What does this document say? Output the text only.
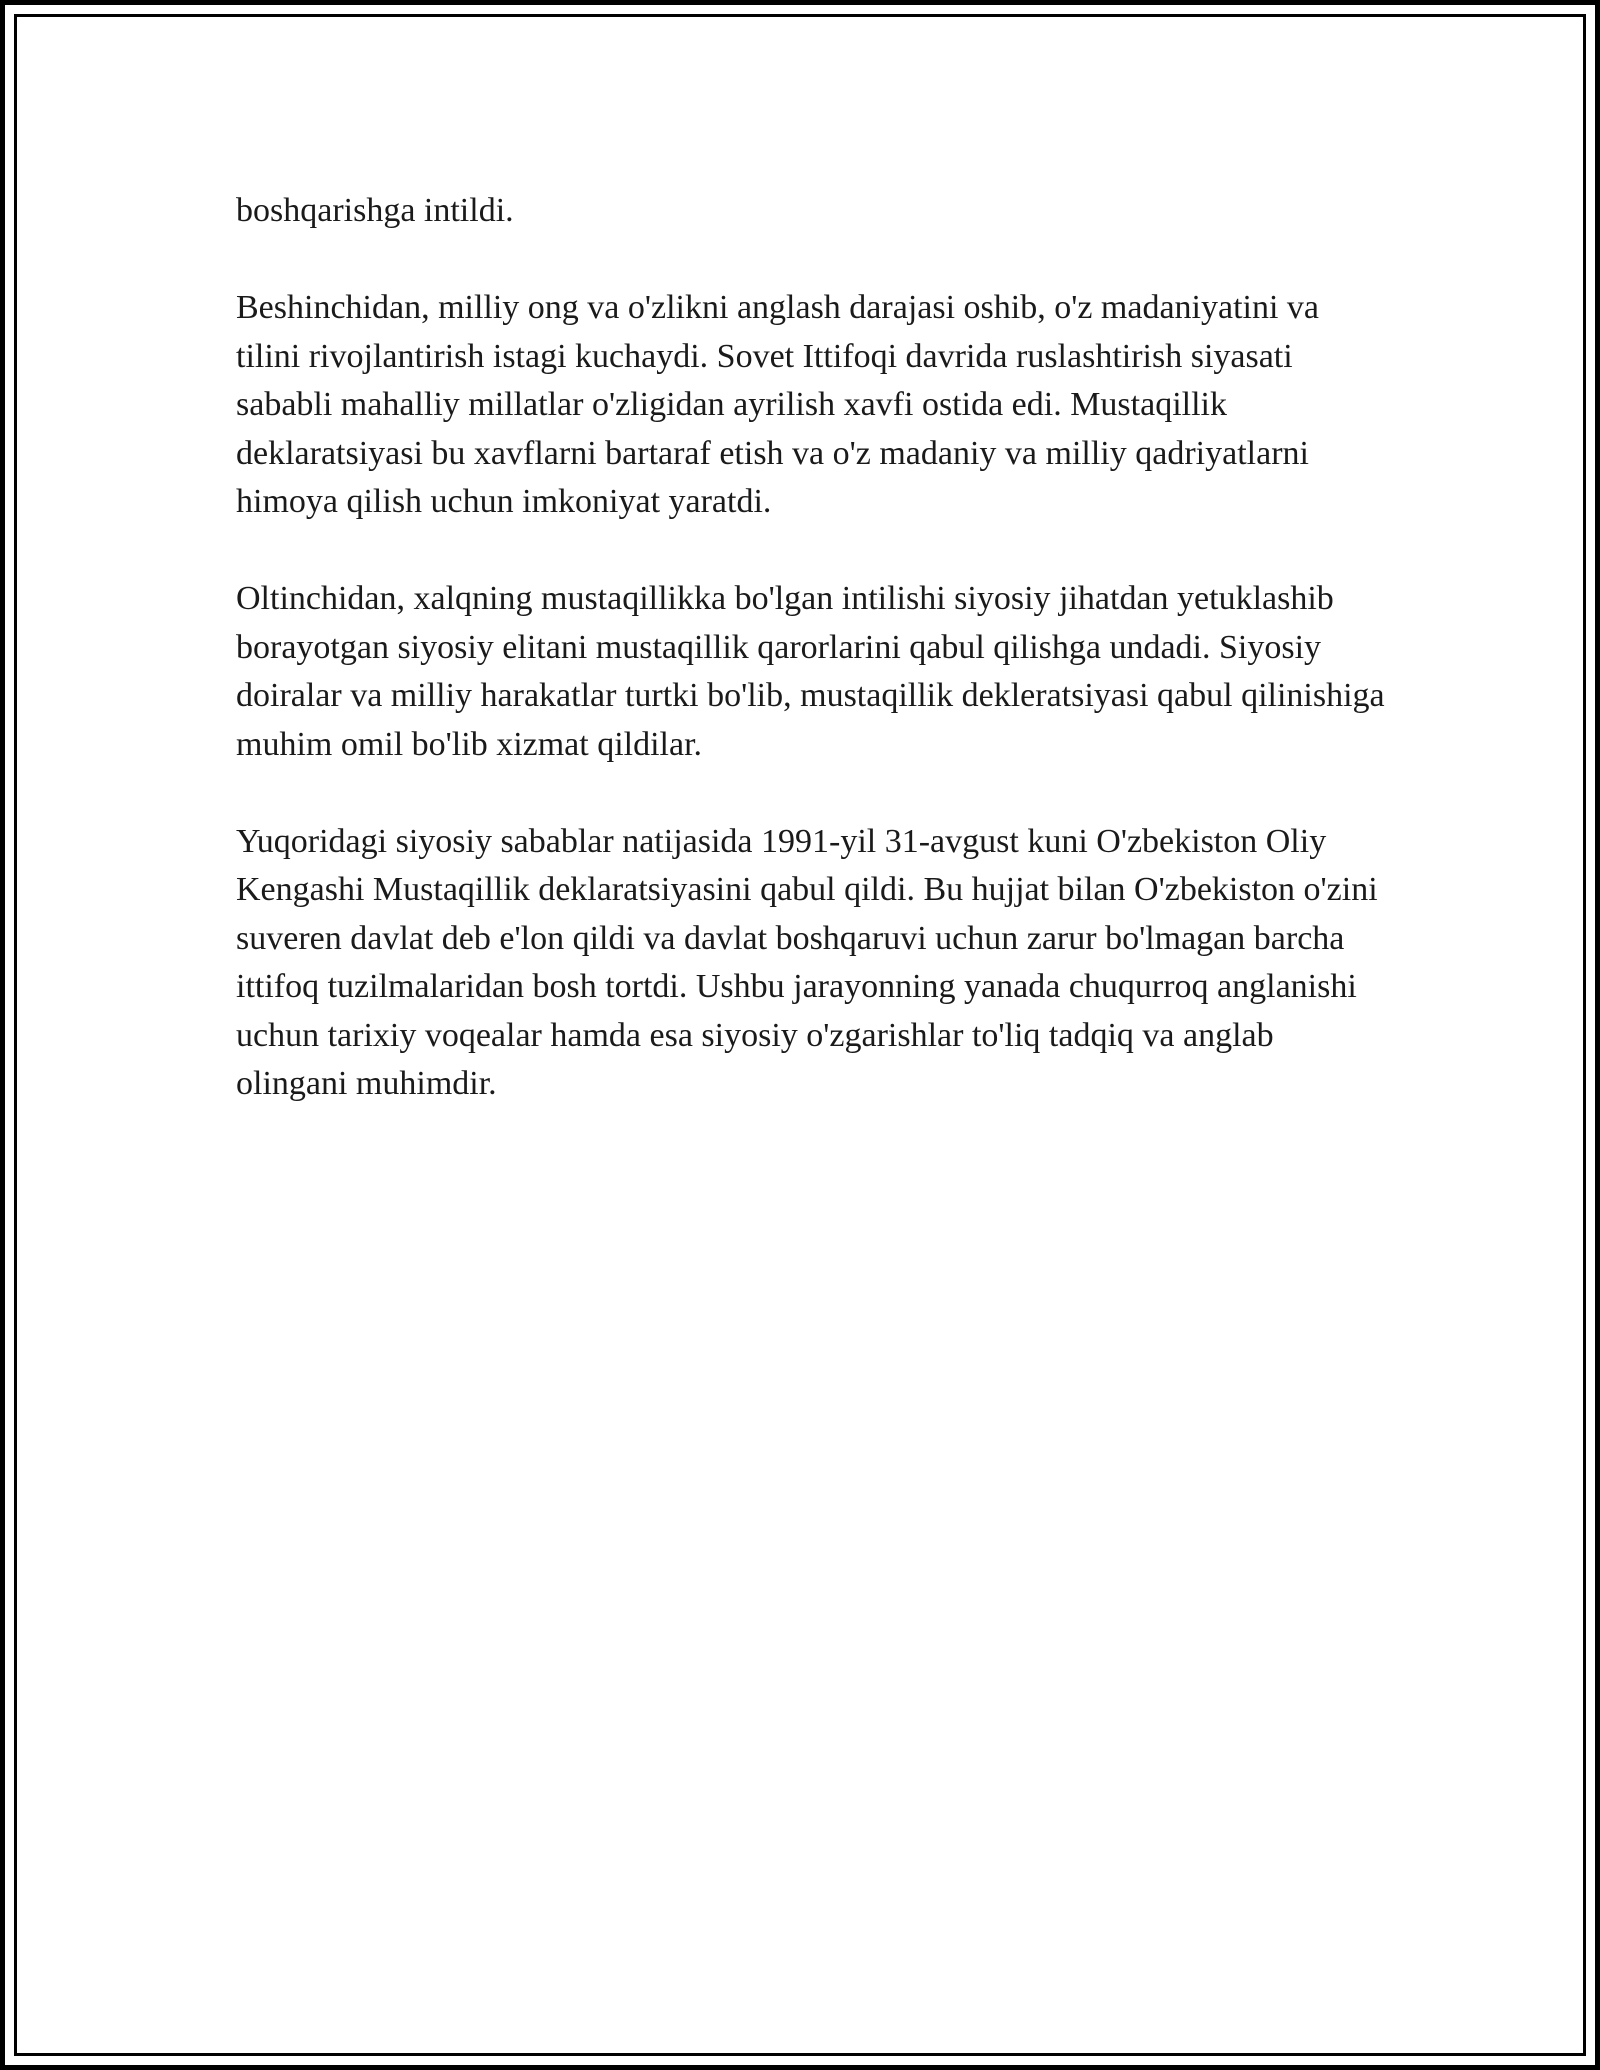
boshqarishga intildi.

Beshinchidan, milliy ong va o'zlikni anglash darajasi oshib, o'z madaniyatini va tilini rivojlantirish istagi kuchaydi. Sovet Ittifoqi davrida ruslashtirish siyasati sababli mahalliy millatlar o'zligidan ayrilish xavfi ostida edi. Mustaqillik deklaratsiyasi bu xavflarni bartaraf etish va o'z madaniy va milliy qadriyatlarni himoya qilish uchun imkoniyat yaratdi.

Oltinchidan, xalqning mustaqillikka bo'lgan intilishi siyosiy jihatdan yetuklashib borayotgan siyosiy elitani mustaqillik qarorlarini qabul qilishga undadi. Siyosiy doiralar va milliy harakatlar turtki bo'lib, mustaqillik dekleratsiyasi qabul qilinishiga muhim omil bo'lib xizmat qildilar.

Yuqoridagi siyosiy sabablar natijasida 1991-yil 31-avgust kuni O'zbekiston Oliy Kengashi Mustaqillik deklaratsiyasini qabul qildi. Bu hujjat bilan O'zbekiston o'zini suveren davlat deb e'lon qildi va davlat boshqaruvi uchun zarur bo'lmagan barcha ittifoq tuzilmalaridan bosh tortdi. Ushbu jarayonning yanada chuqurroq anglanishi uchun tarixiy voqealar hamda esa siyosiy o'zgarishlar to'liq tadqiq va anglab olingani muhimdir.
